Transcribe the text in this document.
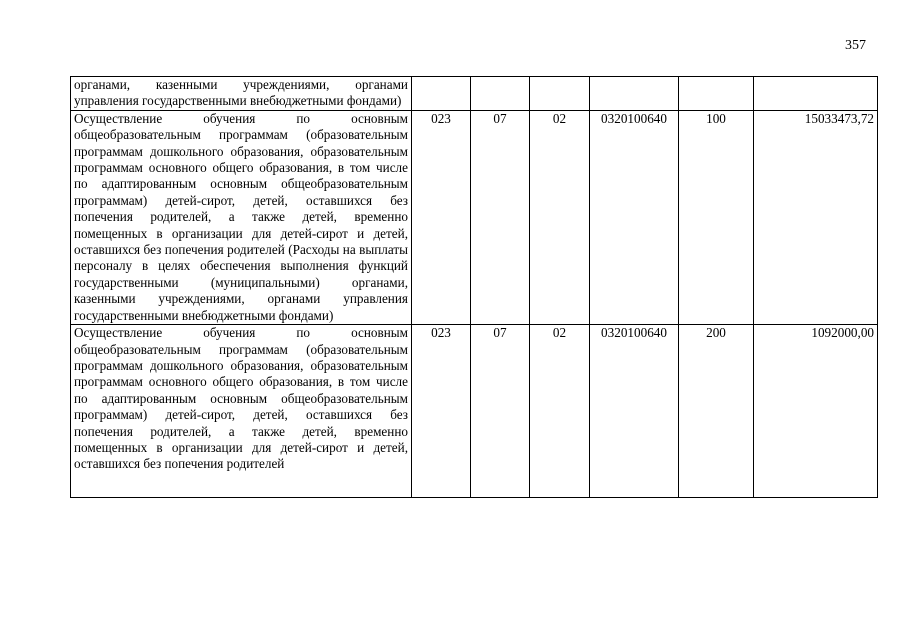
357
органами, казенными учреждениями, органами управления государственными внебюджетными фондами)						
Осуществление обучения по основным общеобразовательным программам (образовательным программам дошкольного образования, образовательным программам основного общего образования, в том числе по адаптированным основным общеобразовательным программам) детей-сирот, детей, оставшихся без попечения родителей, а также детей, временно помещенных в организации для детей-сирот и детей, оставшихся без попечения родителей (Расходы на выплаты персоналу в целях обеспечения выполнения функций государственными (муниципальными) органами, казенными учреждениями, органами управления государственными внебюджетными фондами)	023	07	02	0320100640	100	15033473,72

Осуществление обучения по основным общеобразовательным программам (образовательным программам дошкольного образования, образовательным программам основного общего образования, в том числе по адаптированным основным общеобразовательным программам) детей-сирот, детей, оставшихся без попечения родителей, а также детей, временно помещенных в организации для детей-сирот и детей, оставшихся без попечения родителей	023	07	02	0320100640	200	1092000,00
